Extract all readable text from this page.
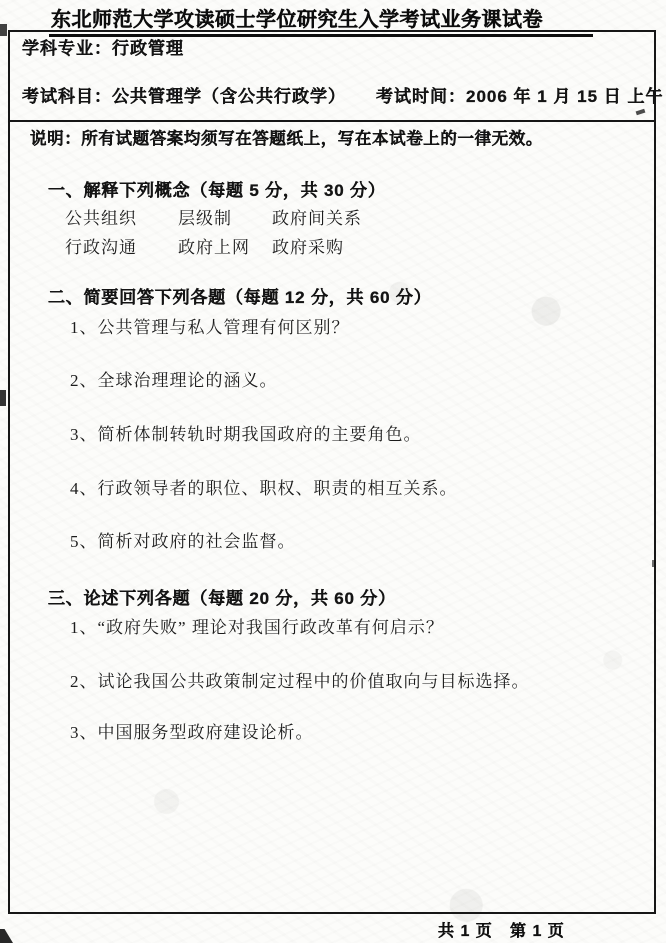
东北师范大学攻读硕士学位研究生入学考试业务课试卷
学科专业：行政管理
考试科目：公共管理学（含公共行政学） 考试时间：2006 年 1 月 15 日 上午
说明：所有试题答案均须写在答题纸上，写在本试卷上的一律无效。
一、解释下列概念（每题 5 分，共 30 分）
公共组织 层级制 政府间关系
行政沟通 政府上网 政府采购
二、简要回答下列各题（每题 12 分，共 60 分）
1、公共管理与私人管理有何区别？
2、全球治理理论的涵义。
3、简析体制转轨时期我国政府的主要角色。
4、行政领导者的职位、职权、职责的相互关系。
5、简析对政府的社会监督。
三、论述下列各题（每题 20 分，共 60 分）
1、“政府失败” 理论对我国行政改革有何启示？
2、试论我国公共政策制定过程中的价值取向与目标选择。
3、中国服务型政府建设论析。
共 1 页 第 1 页
